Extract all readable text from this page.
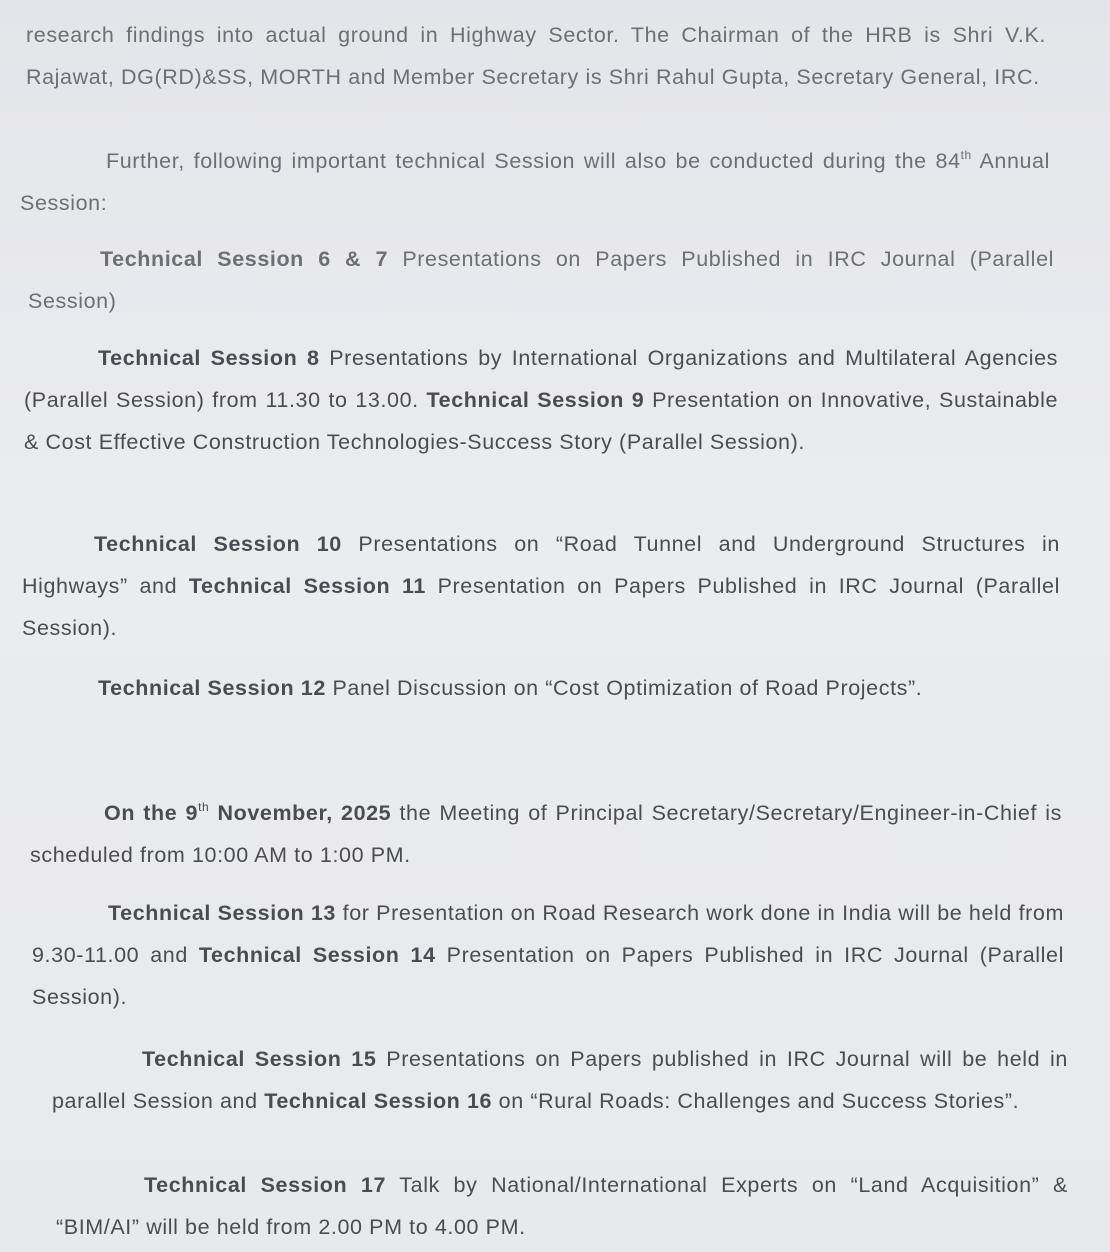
research findings into actual ground in Highway Sector. The Chairman of the HRB is Shri V.K. Rajawat, DG(RD)&SS, MORTH and Member Secretary is Shri Rahul Gupta, Secretary General, IRC.

Further, following important technical Session will also be conducted during the 84th Annual Session:

Technical Session 6 & 7 Presentations on Papers Published in IRC Journal (Parallel Session)

Technical Session 8 Presentations by International Organizations and Multilateral Agencies (Parallel Session) from 11.30 to 13.00. Technical Session 9 Presentation on Innovative, Sustainable & Cost Effective Construction Technologies-Success Story (Parallel Session).

Technical Session 10 Presentations on “Road Tunnel and Underground Structures in Highways” and Technical Session 11 Presentation on Papers Published in IRC Journal (Parallel Session).

Technical Session 12 Panel Discussion on “Cost Optimization of Road Projects”.

On the 9th November, 2025 the Meeting of Principal Secretary/Secretary/Engineer-in-Chief is scheduled from 10:00 AM to 1:00 PM.

Technical Session 13 for Presentation on Road Research work done in India will be held from 9.30-11.00 and Technical Session 14 Presentation on Papers Published in IRC Journal (Parallel Session).

Technical Session 15 Presentations on Papers published in IRC Journal will be held in parallel Session and Technical Session 16 on “Rural Roads: Challenges and Success Stories”.

Technical Session 17 Talk by National/International Experts on “Land Acquisition” & “BIM/AI” will be held from 2.00 PM to 4.00 PM.
